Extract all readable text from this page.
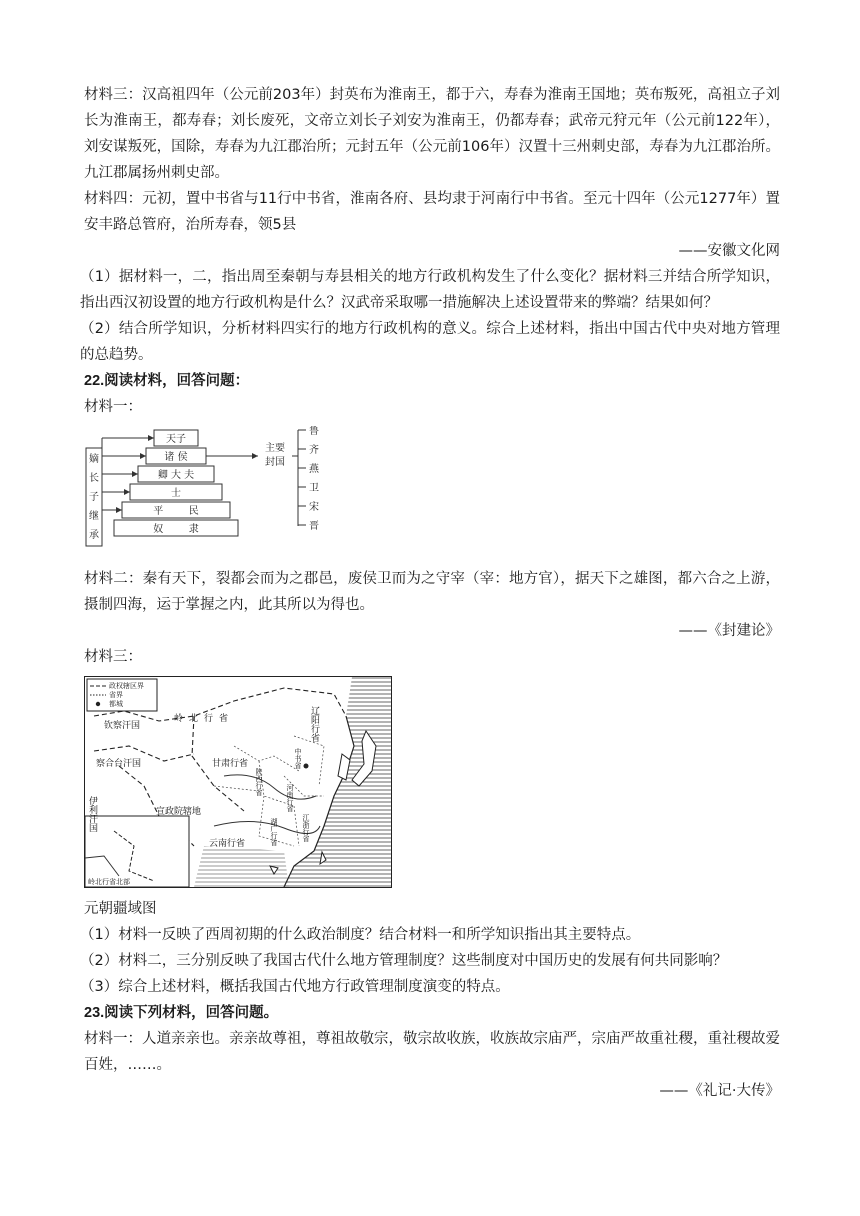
材料三：汉高祖四年（公元前203年）封英布为淮南王，都于六，寿春为淮南王国地；英布叛死，高祖立子刘长为淮南王，都寿春；刘长废死，文帝立刘长子刘安为淮南王，仍都寿春；武帝元狩元年（公元前122年），刘安谋叛死，国除，寿春为九江郡治所；元封五年（公元前106年）汉置十三州刺史部，寿春为九江郡治所。九江郡属扬州刺史部。

材料四：元初，置中书省与11行中书省，淮南各府、县均隶于河南行中书省。至元十四年（公元1277年）置安丰路总管府，治所寿春，领5县

——安徽文化网

（1）据材料一，二，指出周至秦朝与寿县相关的地方行政机构发生了什么变化？据材料三并结合所学知识，指出西汉初设置的地方行政机构是什么？汉武帝采取哪一措施解决上述设置带来的弊端？结果如何？

（2）结合所学知识，分析材料四实行的地方行政机构的意义。综合上述材料，指出中国古代中央对地方管理的总趋势。

22.阅读材料，回答问题：

材料一：

嫡
长
子
继
承
天子
诸 侯
卿 大 夫
士
平        民
奴        隶
主要
封国
鲁
齐
燕
卫
宋
晋

材料二：秦有天下，裂都会而为之郡邑，废侯卫而为之守宰（宰：地方官），据天下之雄图，都六合之上游，摄制四海，运于掌握之内，此其所以为得也。

——《封建论》

材料三：

政权辖区界
省界
都城
钦察汗国
岭北行省	辽阳行省
察合台汗国
伊利汗国
甘肃行省
陕西行省
宣政院辖地
云南行省
江浙行省
湖广行省
河南行省
中书省
岭北行省北部

元朝疆域图

（1）材料一反映了西周初期的什么政治制度？结合材料一和所学知识指出其主要特点。

（2）材料二，三分别反映了我国古代什么地方管理制度？这些制度对中国历史的发展有何共同影响？

（3）综合上述材料，概括我国古代地方行政管理制度演变的特点。

23.阅读下列材料，回答问题。

材料一：人道亲亲也。亲亲故尊祖，尊祖故敬宗，敬宗故收族，收族故宗庙严，宗庙严故重社稷，重社稷故爱百姓，……。

——《礼记·大传》
